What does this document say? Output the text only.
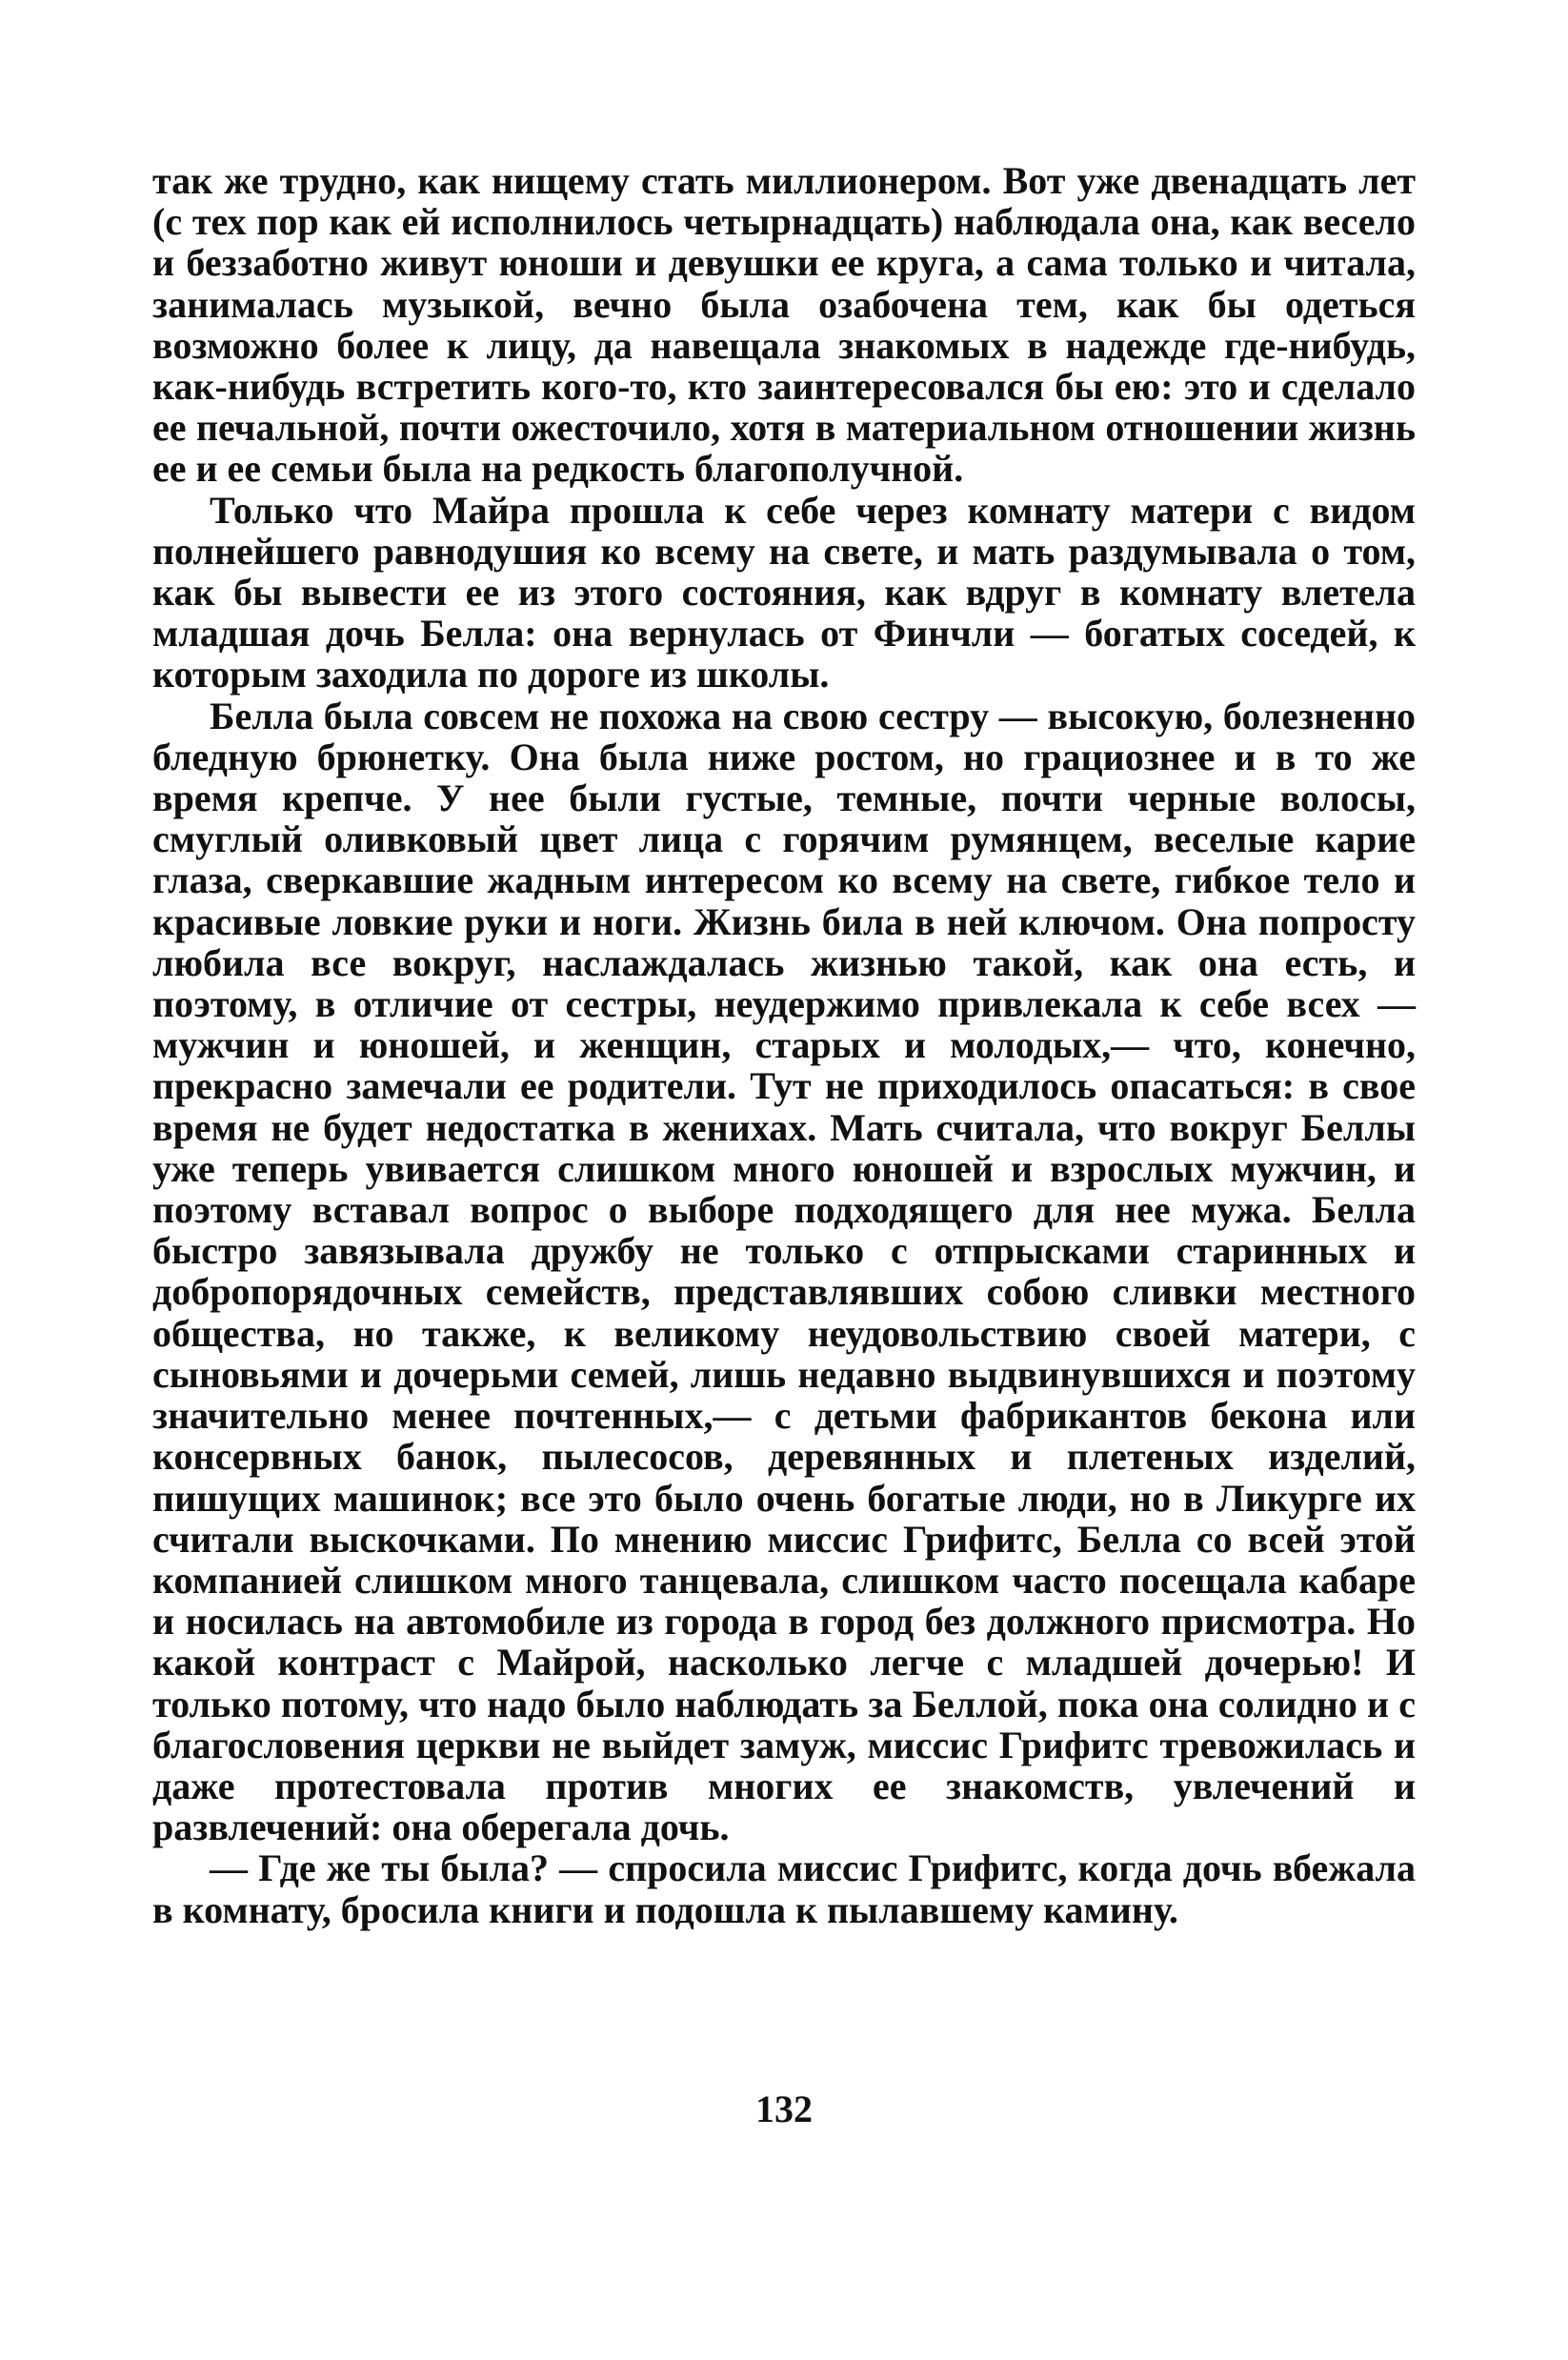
так же трудно, как нищему стать миллионером. Вот уже двенадцать лет (с тех пор как ей исполнилось четырнадцать) наблюдала она, как весело и беззаботно живут юноши и девушки ее круга, а сама только и читала, занималась музыкой, вечно была озабочена тем, как бы одеться возможно более к лицу, да навещала знакомых в надежде где-нибудь, как-нибудь встретить кого-то, кто заинтересовался бы ею: это и сделало ее печальной, почти ожесточило, хотя в материальном отношении жизнь ее и ее семьи была на редкость благополучной.

Только что Майра прошла к себе через комнату матери с видом полнейшего равнодушия ко всему на свете, и мать раздумывала о том, как бы вывести ее из этого состояния, как вдруг в комнату влетела младшая дочь Белла: она вернулась от Финчли — богатых соседей, к которым заходила по дороге из школы.

Белла была совсем не похожа на свою сестру — высокую, болезненно бледную брюнетку. Она была ниже ростом, но грациознее и в то же время крепче. У нее были густые, темные, почти черные волосы, смуглый оливковый цвет лица с горячим румянцем, веселые карие глаза, сверкавшие жадным интересом ко всему на свете, гибкое тело и красивые ловкие руки и ноги. Жизнь била в ней ключом. Она попросту любила все вокруг, наслаждалась жизнью такой, как она есть, и поэтому, в отличие от сестры, неудержимо привлекала к себе всех — мужчин и юношей, и женщин, старых и молодых,— что, конечно, прекрасно замечали ее родители. Тут не приходилось опасаться: в свое время не будет недостатка в женихах. Мать считала, что вокруг Беллы уже теперь увивается слишком много юношей и взрослых мужчин, и поэтому вставал вопрос о выборе подходящего для нее мужа. Белла быстро завязывала дружбу не только с отпрысками старинных и добропорядочных семейств, представлявших собою сливки местного общества, но также, к великому неудовольствию своей матери, с сыновьями и дочерьми семей, лишь недавно выдвинувшихся и поэтому значительно менее почтенных,— с детьми фабрикантов бекона или консервных банок, пылесосов, деревянных и плетеных изделий, пишущих машинок; все это было очень богатые люди, но в Ликурге их считали выскочками. По мнению миссис Грифитс, Белла со всей этой компанией слишком много танцевала, слишком часто посещала кабаре и носилась на автомобиле из города в город без должного присмотра. Но какой контраст с Майрой, насколько легче с младшей дочерью! И только потому, что надо было наблюдать за Беллой, пока она солидно и с благословения церкви не выйдет замуж, миссис Грифитс тревожилась и даже протестовала против многих ее знакомств, увлечений и развлечений: она оберегала дочь.

— Где же ты была? — спросила миссис Грифитс, когда дочь вбежала в комнату, бросила книги и подошла к пылавшему камину.

132
